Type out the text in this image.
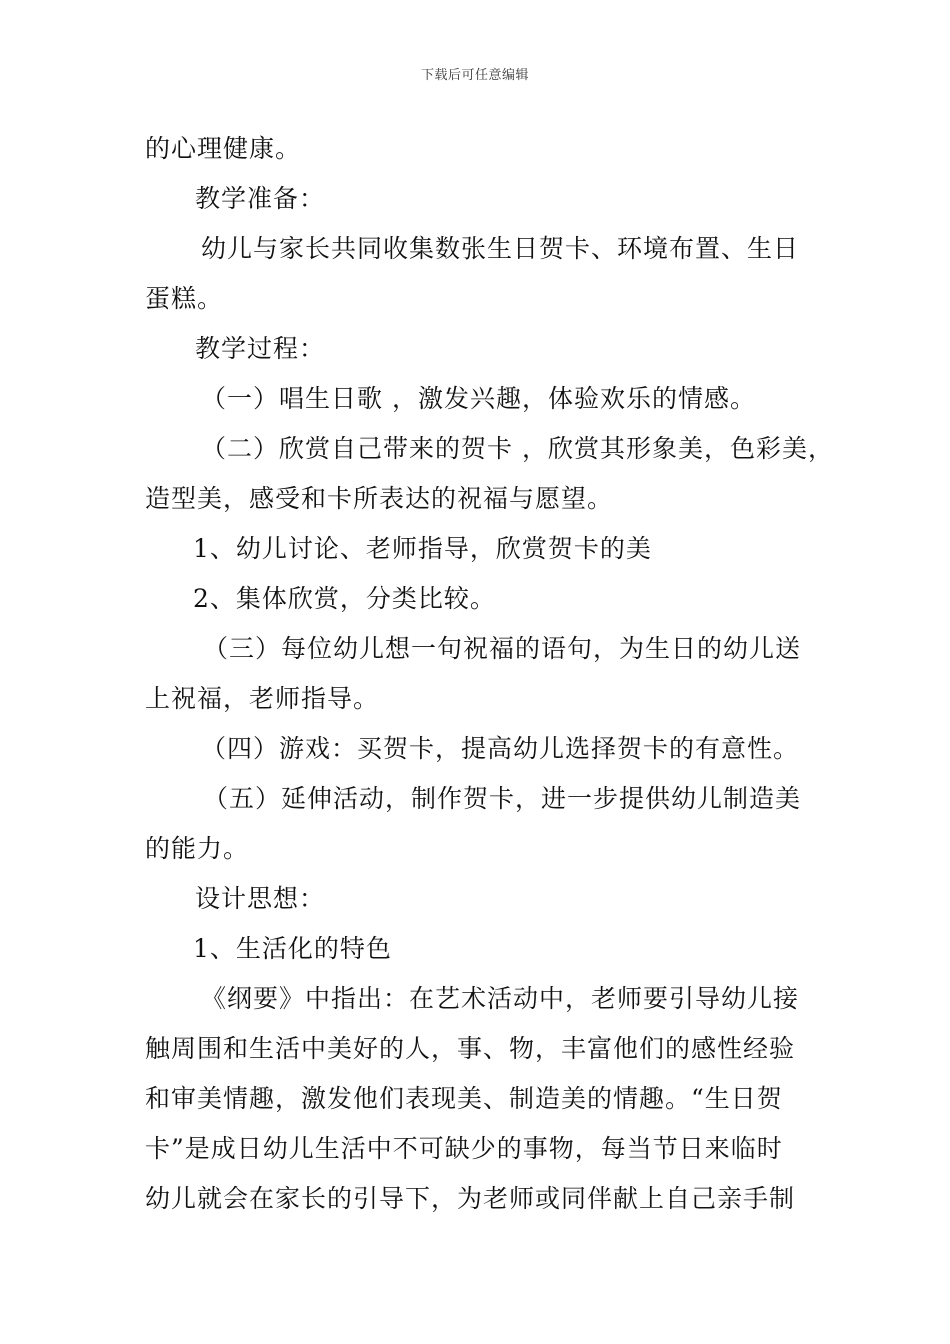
下载后可任意编辑
的心理健康。
教学准备：
幼儿与家长共同收集数张生日贺卡、环境布置、生日
蛋糕。
教学过程：
（一）唱生日歌 ，激发兴趣，体验欢乐的情感。
（二）欣赏自己带来的贺卡 ，欣赏其形象美，色彩美，
造型美，感受和卡所表达的祝福与愿望。
1、幼儿讨论、老师指导，欣赏贺卡的美
2、集体欣赏，分类比较。
（三）每位幼儿想一句祝福的语句，为生日的幼儿送
上祝福，老师指导。
（四）游戏：买贺卡，提高幼儿选择贺卡的有意性。
（五）延伸活动，制作贺卡，进一步提供幼儿制造美
的能力。
设计思想：
1、生活化的特色
《纲要》中指出：在艺术活动中，老师要引导幼儿接
触周围和生活中美好的人，事、物，丰富他们的感性经验
和审美情趣，激发他们表现美、制造美的情趣。“生日贺
卡”是成日幼儿生活中不可缺少的事物，每当节日来临时
幼儿就会在家长的引导下，为老师或同伴献上自己亲手制
